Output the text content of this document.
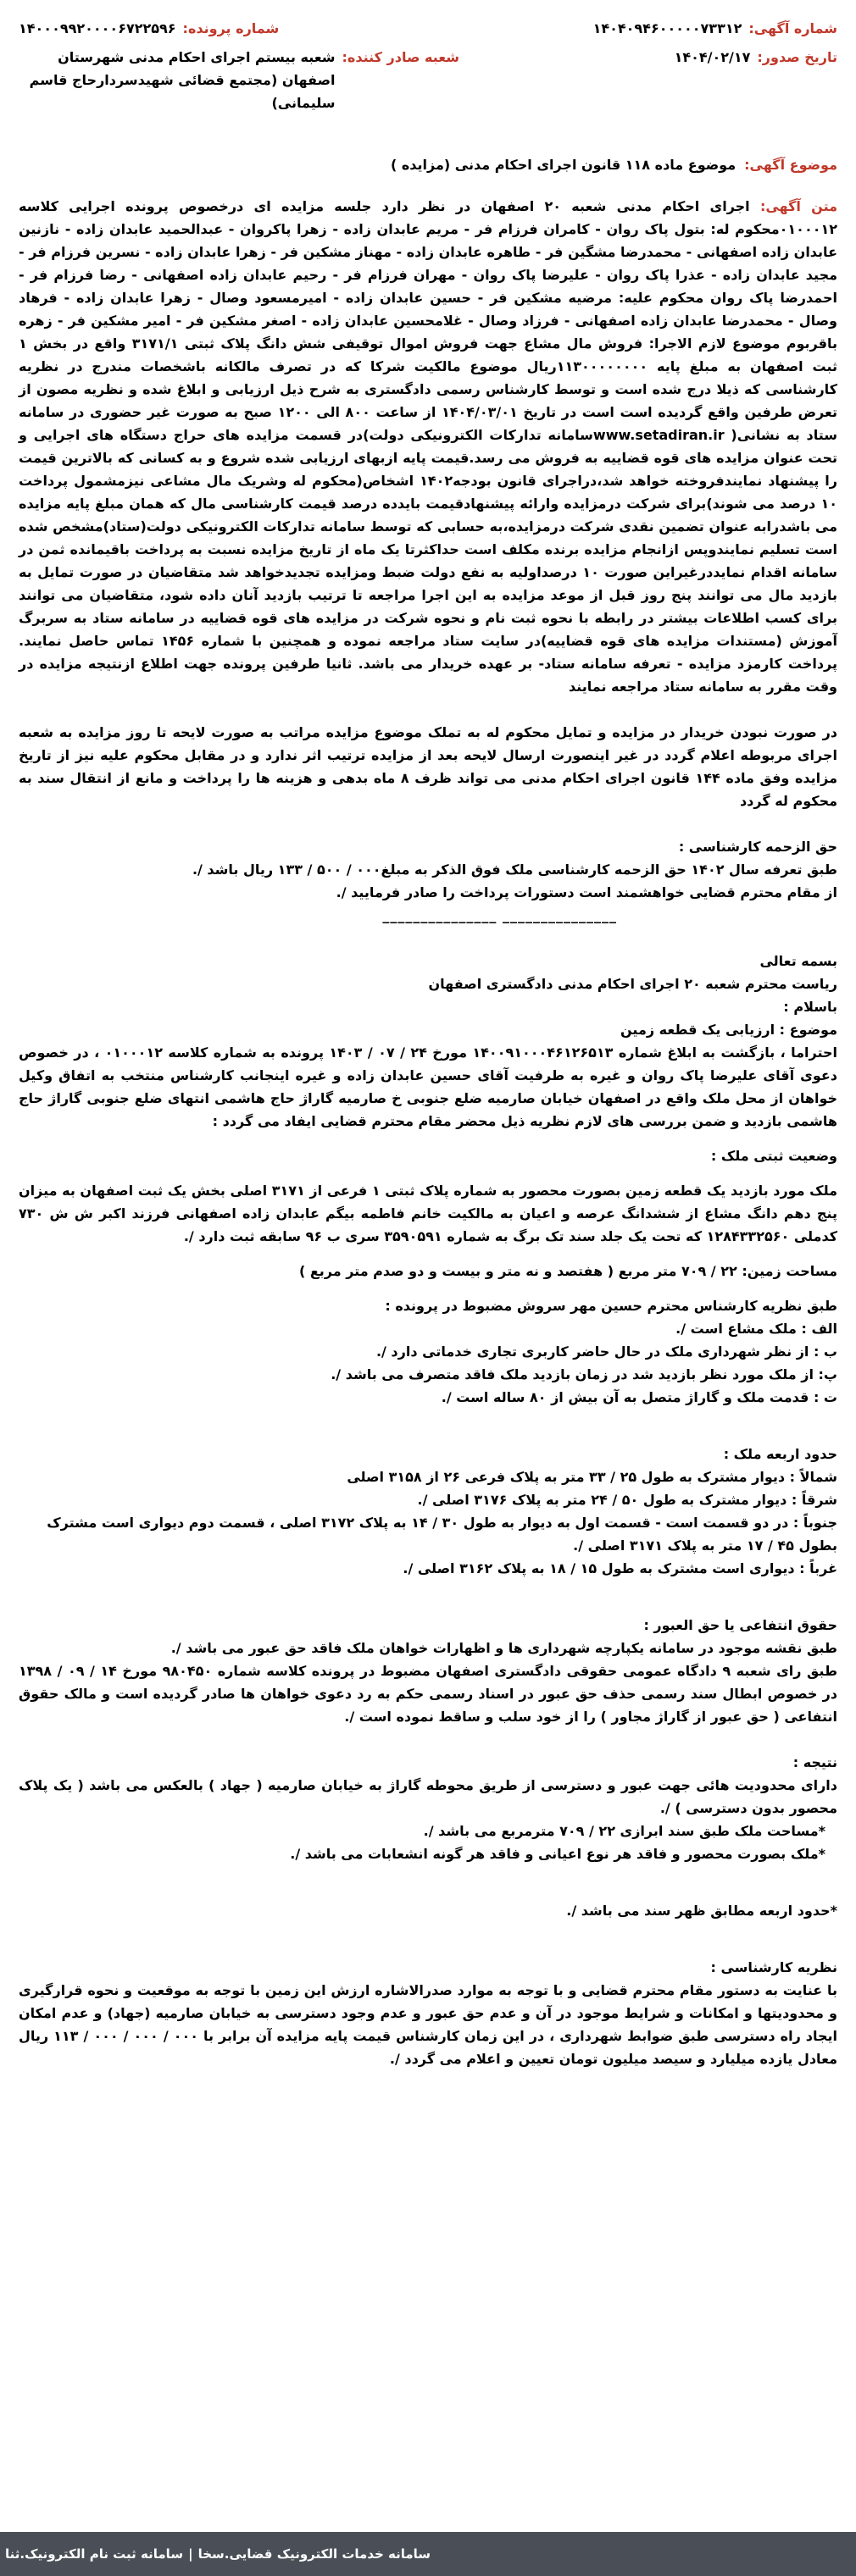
شماره آگهی:
۱۴۰۴۰۹۴۶۰۰۰۰۰۷۳۳۱۲
شماره پرونده:
۱۴۰۰۰۹۹۲۰۰۰۰۶۷۲۲۵۹۶
تاریخ صدور:
۱۴۰۴/۰۲/۱۷
شعبه صادر کننده:
شعبه بیستم اجرای احکام مدنی شهرستان اصفهان (مجتمع قضائی شهیدسردارحاج قاسم سلیمانی)
موضوع آگهی:
موضوع ماده ۱۱۸ قانون اجرای احکام مدنی (مزایده )
متن آگهی: اجرای احکام مدنی شعبه ۲۰ اصفهان در نظر دارد جلسه مزایده ای درخصوص پرونده اجرایی کلاسه ۰۱۰۰۰۱۲محکوم له: بتول پاک روان - کامران فرزام فر - مریم عابدان زاده - زهرا پاکروان - عبدالحمید عابدان زاده - نازنین عابدان زاده اصفهانی - محمدرضا مشگین فر - طاهره عابدان زاده - مهناز مشکین فر - زهرا عابدان زاده - نسرین فرزام فر - مجید عابدان زاده - عذرا پاک روان - علیرضا پاک روان - مهران فرزام فر - رحیم عابدان زاده اصفهانی - رضا فرزام فر - احمدرضا پاک روان محکوم علیه: مرضیه مشکین فر - حسین عابدان زاده - امیرمسعود وصال - زهرا عابدان زاده - فرهاد وصال - محمدرضا عابدان زاده اصفهانی - فرزاد وصال - غلامحسین عابدان زاده - اصغر مشکین فر - امیر مشکین فر - زهره باقربوم موضوع لازم الاجرا: فروش مال مشاع جهت فروش اموال توقیفی شش دانگ پلاک ثبتی ۳۱۷۱/۱ واقع در بخش ۱ ثبت اصفهان به مبلغ پایه ۱۱۳۰۰۰۰۰۰۰۰ریال موضوع مالکیت شرکا که در تصرف مالکانه باشخصات مندرج در نظریه کارشناسی که ذیلا درج شده است و توسط کارشناس رسمی دادگستری به شرح ذیل ارزیابی و ابلاغ شده و نظریه مصون از تعرض طرفین واقع گردیده است است در تاریخ ۱۴۰۴/۰۳/۰۱ از ساعت ۸۰۰ الی ۱۲۰۰ صبح به صورت غیر حضوری در سامانه ستاد به نشانی( www.setadiran.irسامانه تدارکات الکترونیکی دولت)در قسمت مزایده های حراج دستگاه های اجرایی و تحت عنوان مزایده های قوه قضاییه به فروش می رسد.قیمت پایه ازبهای ارزیابی شده شروع و به کسانی که بالاترین قیمت را پیشنهاد نمایندفروخته خواهد شد،دراجرای قانون بودجه۱۴۰۲ اشخاص(محکوم له وشریک مال مشاعی نیزمشمول پرداخت ۱۰ درصد می شوند)برای شرکت درمزایده وارائه پیشنهادقیمت بایدده درصد قیمت کارشناسی مال که همان مبلغ پایه مزایده می باشدرابه عنوان تضمین نقدی شرکت درمزایده،به حسابی که توسط سامانه تدارکات الکترونیکی دولت(ستاد)مشخص شده است تسلیم نمایندوپس ازانجام مزایده برنده مکلف است حداکثرتا یک ماه از تاریخ مزایده نسبت به پرداخت باقیمانده ثمن در سامانه اقدام نمایددرغیراین صورت ۱۰ درصداولیه به نفع دولت ضبط ومزایده تجدیدخواهد شد متقاضیان در صورت تمایل به بازدید مال می توانند پنج روز قبل از موعد مزایده به این اجرا مراجعه تا ترتیب بازدید آنان داده شود، متقاضیان می توانند برای کسب اطلاعات بیشتر در رابطه با نحوه ثبت نام و نحوه شرکت در مزایده های قوه قضاییه در سامانه ستاد به سربرگ آموزش (مستندات مزایده های قوه قضاییه)در سایت ستاد مراجعه نموده و همچنین با شماره ۱۴۵۶ تماس حاصل نمایند. پرداخت کارمزد مزایده - تعرفه سامانه ستاد- بر عهده خریدار می باشد. ثانیا طرفین پرونده جهت اطلاع ازنتیجه مزایده در وقت مقرر به سامانه ستاد مراجعه نمایند

در صورت نبودن خریدار در مزایده و تمایل محکوم له به تملک موضوع مزایده مراتب به صورت لایحه تا روز مزایده به شعبه اجرای مربوطه اعلام گردد در غیر اینصورت ارسال لایحه بعد از مزایده ترتیب اثر ندارد و در مقابل محکوم علیه نیز از تاریخ مزایده وفق ماده ۱۴۴ قانون اجرای احکام مدنی می تواند ظرف ۸ ماه بدهی و هزینه ها را پرداخت و مانع از انتقال سند به محکوم له گردد

حق الزحمه کارشناسی :

طبق تعرفه سال ۱۴۰۲ حق الزحمه کارشناسی ملک فوق الذکر به مبلغ۰۰۰ / ۵۰۰ / ۱۳۳ ریال باشد /.

از مقام محترم قضایی خواهشمند است دستورات پرداخت را صادر فرمایید /.

_______________ _______________

بسمه تعالی

ریاست محترم شعبه ۲۰ اجرای احکام مدنی دادگستری اصفهان

باسلام :

موضوع : ارزیابی یک قطعه زمین

احتراما ، بازگشت به ابلاغ شماره ۱۴۰۰۹۱۰۰۰۴۶۱۲۶۵۱۳ مورخ ۲۴ / ۰۷ / ۱۴۰۳ پرونده به شماره کلاسه ۰۱۰۰۰۱۲ ، در خصوص دعوی آقای علیرضا پاک روان و غیره به طرفیت آقای حسین عابدان زاده و غیره اینجانب کارشناس منتخب به اتفاق وکیل خواهان از محل ملک واقع در اصفهان خیابان صارمیه ضلع جنوبی خ صارمیه گاراژ حاج هاشمی انتهای ضلع جنوبی گاراژ حاج هاشمی بازدید و ضمن بررسی های لازم نظریه ذیل محضر مقام محترم قضایی ایفاد می گردد :

وضعیت ثبتی ملک :

ملک مورد بازدید یک قطعه زمین بصورت محصور به شماره پلاک ثبتی ۱ فرعی از ۳۱۷۱ اصلی بخش یک ثبت اصفهان به میزان پنج دهم دانگ مشاع از ششدانگ عرصه و اعیان به مالکیت خانم فاطمه بیگم عابدان زاده اصفهانی فرزند اکبر ش ش ۷۳۰ کدملی ۱۲۸۴۳۳۲۵۶۰ که تحت یک جلد سند تک برگ به شماره ۳۵۹۰۵۹۱ سری ب ۹۶ سابقه ثبت دارد /.

مساحت زمین: ۲۲ / ۷۰۹ متر مربع ( هفتصد و نه متر و بیست و دو صدم متر مربع )

طبق نظریه کارشناس محترم حسین مهر سروش مضبوط در پرونده :

الف : ملک مشاع است /.

ب : از نظر شهرداری ملک در حال حاضر کاربری تجاری خدماتی دارد /.

پ: از ملک مورد نظر بازدید شد در زمان بازدید ملک فاقد متصرف می باشد /.

ت : قدمت ملک و گاراژ متصل به آن بیش از ۸۰ ساله است /.

حدود اربعه ملک :

شمالاً : دیوار مشترک به طول ۲۵ / ۳۳ متر به پلاک فرعی ۲۶ از ۳۱۵۸ اصلی

شرقاً : دیوار مشترک به طول ۵۰ / ۲۴ متر به پلاک ۳۱۷۶ اصلی /.

جنوباً : در دو قسمت است - قسمت اول به دیوار به طول ۳۰ / ۱۴ به پلاک ۳۱۷۲ اصلی ، قسمت دوم دیواری است مشترک

بطول ۴۵ / ۱۷ متر به پلاک ۳۱۷۱ اصلی /.

غرباً : دیواری است مشترک به طول ۱۵ / ۱۸ به پلاک ۳۱۶۲ اصلی /.

حقوق انتفاعی یا حق العبور :

طبق نقشه موجود در سامانه یکپارچه شهرداری ها و اظهارات خواهان ملک فاقد حق عبور می باشد /.

طبق رای شعبه ۹ دادگاه عمومی حقوقی دادگستری اصفهان مضبوط در پرونده کلاسه شماره ۹۸۰۴۵۰ مورخ ۱۴ / ۰۹ / ۱۳۹۸ در خصوص ابطال سند رسمی حذف حق عبور در اسناد رسمی حکم به رد دعوی خواهان ها صادر گردیده است و مالک حقوق انتفاعی ( حق عبور از گاراژ مجاور ) را از خود سلب و ساقط نموده است /.

نتیجه :

دارای محدودیت هائی جهت عبور و دسترسی از طریق محوطه گاراژ به خیابان صارمیه ( جهاد ) بالعکس می باشد ( یک پلاک محصور بدون دسترسی ) /.

*مساحت ملک طبق سند ابرازی ۲۲ / ۷۰۹ مترمربع می باشد /.

*ملک بصورت محصور و فاقد هر نوع اعیانی و فاقد هر گونه انشعابات می باشد /.

*حدود اربعه مطابق ظهر سند می باشد /.

نظریه کارشناسی :

با عنایت به دستور مقام محترم قضایی و با توجه به موارد صدرالاشاره ارزش این زمین با توجه به موقعیت و نحوه قرارگیری و محدودیتها و امکانات و شرایط موجود در آن و عدم حق عبور و عدم وجود دسترسی به خیابان صارمیه (جهاد) و عدم امکان ایجاد راه دسترسی طبق ضوابط شهرداری ، در این زمان کارشناس قیمت پایه مزایده آن برابر با ۰۰۰ / ۰۰۰ / ۰۰۰ / ۱۱۳ ریال معادل یازده میلیارد و سیصد میلیون تومان تعیین و اعلام می گردد /.

سامانه خدمات الکترونیک قضایی.سخا
|
سامانه ثبت نام الکترونیک.ثنا
